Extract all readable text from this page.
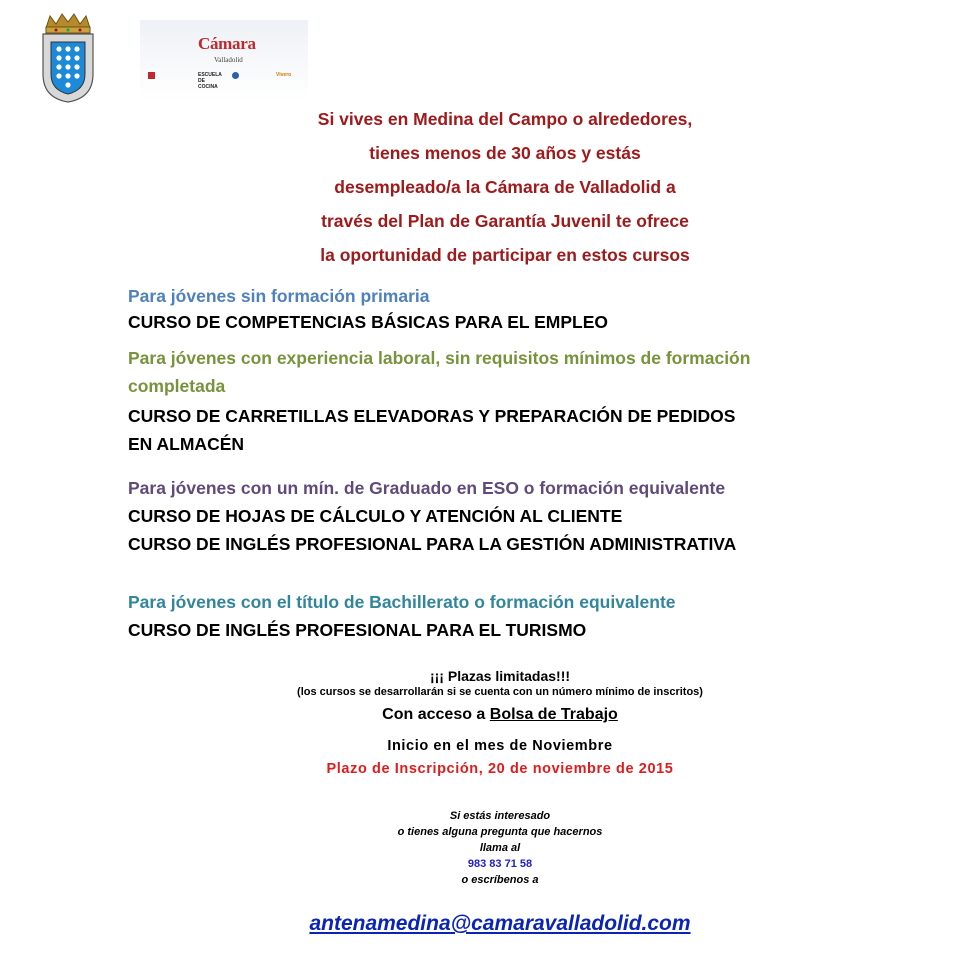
Cámara
Valladolid
ESCUELA DE COCINA
Vivero
Si vives en Medina del Campo o alrededores,
tienes menos de 30 años y estás
desempleado/a la Cámara de Valladolid a
través del Plan de Garantía Juvenil te ofrece
la oportunidad de participar en estos cursos
Para jóvenes sin formación primaria
CURSO DE COMPETENCIAS BÁSICAS PARA EL EMPLEO
Para jóvenes con experiencia laboral, sin requisitos mínimos de formación completada
CURSO DE CARRETILLAS ELEVADORAS Y PREPARACIÓN DE PEDIDOS EN ALMACÉN
Para jóvenes con un mín. de Graduado en ESO o formación equivalente
CURSO DE HOJAS DE CÁLCULO Y ATENCIÓN AL CLIENTE
CURSO DE INGLÉS PROFESIONAL PARA LA GESTIÓN ADMINISTRATIVA
Para jóvenes con el título de Bachillerato o formación equivalente
CURSO DE INGLÉS PROFESIONAL PARA EL TURISMO
¡¡¡ Plazas limitadas!!!
(los cursos se desarrollarán si se cuenta con un número mínimo de inscritos)
Con acceso a Bolsa de Trabajo
Inicio en el mes de Noviembre
Plazo de Inscripción, 20 de noviembre de 2015
Si estás interesado
o tienes alguna pregunta que hacernos
llama al
983 83 71 58
o escríbenos a
antenamedina@camaravalladolid.com
